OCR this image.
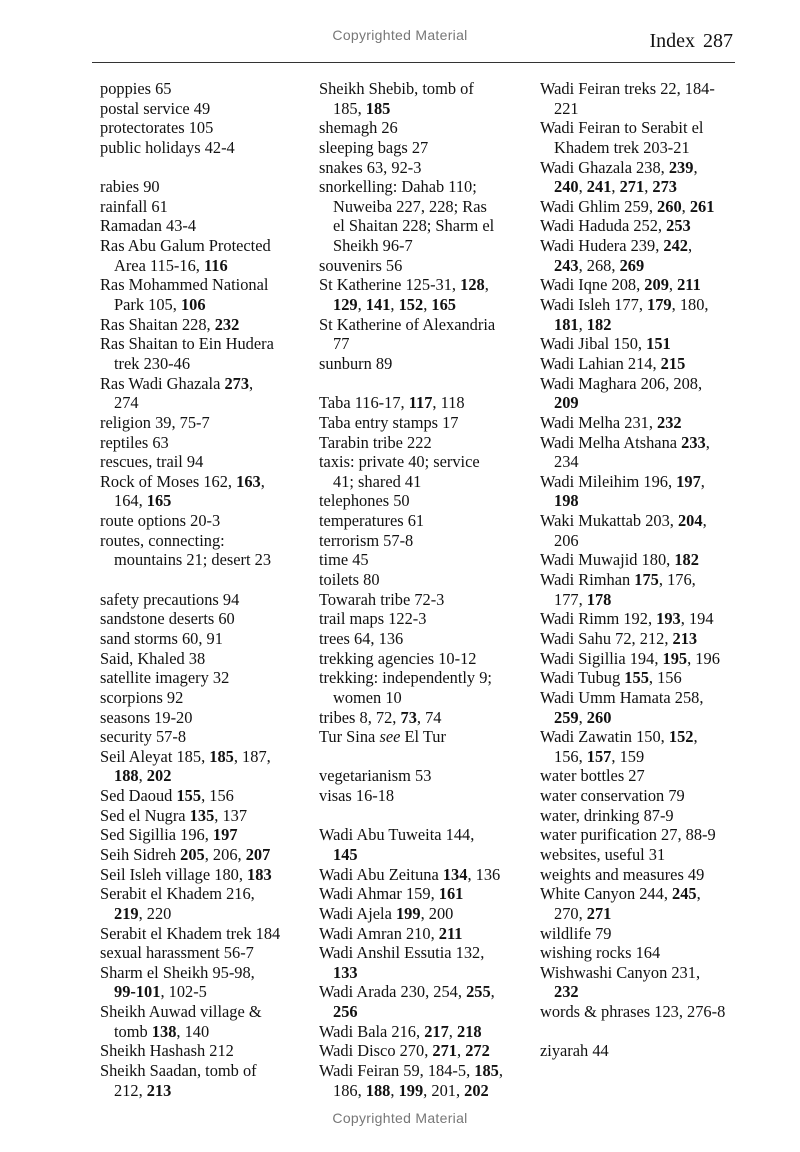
Copyrighted Material	Index 287
poppies 65
postal service 49
protectorates 105
public holidays 42-4
rabies 90
rainfall 61
Ramadan 43-4
Ras Abu Galum Protected
Area 115-16, 116
Ras Mohammed National
Park 105, 106
Ras Shaitan 228, 232
Ras Shaitan to Ein Hudera
trek 230-46
Ras Wadi Ghazala 273,
274
religion 39, 75-7
reptiles 63
rescues, trail 94
Rock of Moses 162, 163,
164, 165
route options 20-3
routes, connecting:
mountains 21; desert 23
safety precautions 94
sandstone deserts 60
sand storms 60, 91
Said, Khaled 38
satellite imagery 32
scorpions 92
seasons 19-20
security 57-8
Seil Aleyat 185, 185, 187,
188, 202
Sed Daoud 155, 156
Sed el Nugra 135, 137
Sed Sigillia 196, 197
Seih Sidreh 205, 206, 207
Seil Isleh village 180, 183
Serabit el Khadem 216,
219, 220
Serabit el Khadem trek 184
sexual harassment 56-7
Sharm el Sheikh 95-98,
99-101, 102-5
Sheikh Auwad village &
tomb 138, 140
Sheikh Hashash 212
Sheikh Saadan, tomb of
212, 213
Sheikh Shebib, tomb of
185, 185
shemagh 26
sleeping bags 27
snakes 63, 92-3
snorkelling: Dahab 110;
Nuweiba 227, 228; Ras
el Shaitan 228; Sharm el
Sheikh 96-7
souvenirs 56
St Katherine 125-31, 128,
129, 141, 152, 165
St Katherine of Alexandria
77
sunburn 89
Taba 116-17, 117, 118
Taba entry stamps 17
Tarabin tribe 222
taxis: private 40; service
41; shared 41
telephones 50
temperatures 61
terrorism 57-8
time 45
toilets 80
Towarah tribe 72-3
trail maps 122-3
trees 64, 136
trekking agencies 10-12
trekking: independently 9;
women 10
tribes 8, 72, 73, 74
Tur Sina see El Tur
vegetarianism 53
visas 16-18
Wadi Abu Tuweita 144,
145
Wadi Abu Zeituna 134, 136
Wadi Ahmar 159, 161
Wadi Ajela 199, 200
Wadi Amran 210, 211
Wadi Anshil Essutia 132,
133
Wadi Arada 230, 254, 255,
256
Wadi Bala 216, 217, 218
Wadi Disco 270, 271, 272
Wadi Feiran 59, 184-5, 185,
186, 188, 199, 201, 202
Wadi Feiran treks 22, 184-
221
Wadi Feiran to Serabit el
Khadem trek 203-21
Wadi Ghazala 238, 239,
240, 241, 271, 273
Wadi Ghlim 259, 260, 261
Wadi Haduda 252, 253
Wadi Hudera 239, 242,
243, 268, 269
Wadi Iqne 208, 209, 211
Wadi Isleh 177, 179, 180,
181, 182
Wadi Jibal 150, 151
Wadi Lahian 214, 215
Wadi Maghara 206, 208,
209
Wadi Melha 231, 232
Wadi Melha Atshana 233,
234
Wadi Mileihim 196, 197,
198
Waki Mukattab 203, 204,
206
Wadi Muwajid 180, 182
Wadi Rimhan 175, 176,
177, 178
Wadi Rimm 192, 193, 194
Wadi Sahu 72, 212, 213
Wadi Sigillia 194, 195, 196
Wadi Tubug 155, 156
Wadi Umm Hamata 258,
259, 260
Wadi Zawatin 150, 152,
156, 157, 159
water bottles 27
water conservation 79
water, drinking 87-9
water purification 27, 88-9
websites, useful 31
weights and measures 49
White Canyon 244, 245,
270, 271
wildlife 79
wishing rocks 164
Wishwashi Canyon 231,
232
words & phrases 123, 276-8
ziyarah 44
Copyrighted Material
